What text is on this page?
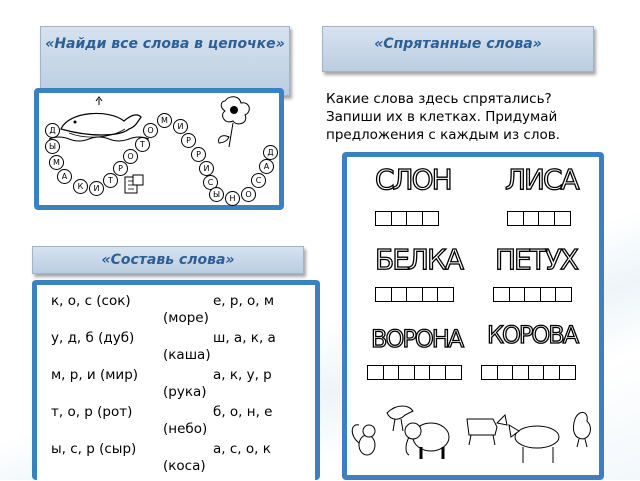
«Найди все слова в цепочке»	«Спрятанные слова»
«Составь слова»
Какие слова здесь спрятались?
Запиши их в клетках. Придумай
предложения с каждым из слов.
Д
Ы
М
А
К	И
Т
Р
О
Т
О
М
И
Р
Р
И
С
Ы	Н	О
С
А
Д
СЛОН ЛИСА
БЕЛКА ПЕТУХ
ВОРОНА КОРОВА
к, о, с (сок)	е, р, о, м
(море)
у, д, б (дуб)	ш, а, к, а
(каша)
м, р, и (мир)	а, к, у, р
(рука)
т, о, р (рот)	б, о, н, е
(небо)
ы, с, р (сыр)	а, с, о, к
(коса)
